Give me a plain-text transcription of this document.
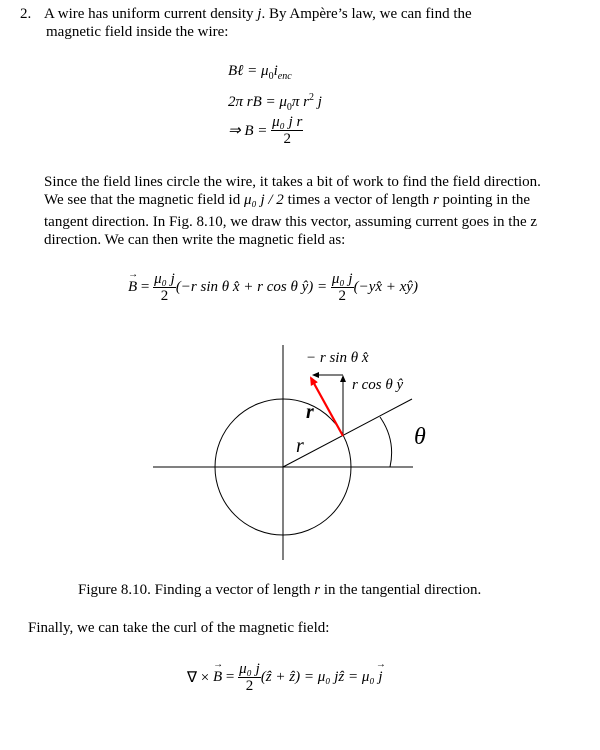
2. A wire has uniform current density j. By Ampère’s law, we can find the
magnetic field inside the wire:
Bℓ = $\mu_0i_{enc}$
2π rB = $\mu_0\pi$ $r^2$ j
⇒ $B = \frac{\text{μ₀ j r}}{2}$
Since the field lines circle the wire, it takes a bit of work to find the field direction.
We see that the magnetic field id μ₀ j / 2 times a vector of length r pointing in the
tangent direction. In Fig. 8.10, we draw this vector, assuming current goes in the z
direction. We can then write the magnetic field as:
→ $B = \frac{\text{μ₀ j}}{2} (-r$ sin θ x̂ + r cos θ ŷ) = $\frac{\text{μ₀ j}}{2}$ (−yx̂ + xŷ)
− r sin θ x̂
r cos θ ŷ
r
r	θ
Figure 8.10. Finding a vector of length r in the tangential direction.
Finally, we can take the curl of the magnetic field:
∇ × → $B = \frac{\text{μ₀ j}}{2}$ (ẑ + ẑ) = μ₀ jẑ = μ₀ → j
